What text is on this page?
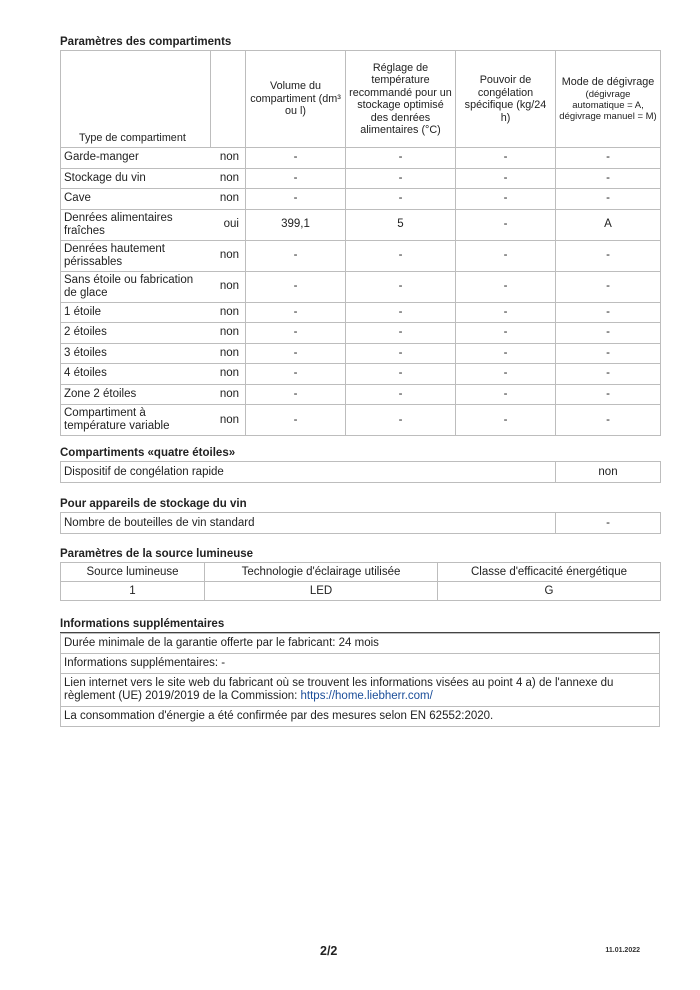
Paramètres des compartiments
Type de compartiment		Volume du compartiment (dm³ ou l)	Réglage de température recommandé pour un stockage optimisé des denrées alimentaires (°C)	Pouvoir de congélation spécifique (kg/24 h)	Mode de dégivrage
(dégivrage automatique = A, dégivrage manuel = M)

Garde-manger	non	-	-	-	-
Stockage du vin	non	-	-	-	-
Cave	non	-	-	-	-
Denrées alimentaires fraîches	oui	399,1	5	-	A
Denrées hautement périssables	non	-	-	-	-
Sans étoile ou fabrication de glace	non	-	-	-	-
1 étoile	non	-	-	-	-
2 étoiles	non	-	-	-	-
3 étoiles	non	-	-	-	-
4 étoiles	non	-	-	-	-
Zone 2 étoiles	non	-	-	-	-
Compartiment à température variable	non	-	-	-	-
Compartiments «quatre étoiles»
Dispositif de congélation rapide	non
Pour appareils de stockage du vin
Nombre de bouteilles de vin standard	-
Paramètres de la source lumineuse
Source lumineuse	Technologie d'éclairage utilisée	Classe d'efficacité énergétique
1	LED	G
Informations supplémentaires
Durée minimale de la garantie offerte par le fabricant: 24 mois
Informations supplémentaires: -
Lien internet vers le site web du fabricant où se trouvent les informations visées au point 4 a) de l'annexe du règlement (UE) 2019/2019 de la Commission: https://home.liebherr.com/
La consommation d'énergie a été confirmée par des mesures selon EN 62552:2020.
2/2	11.01.2022
